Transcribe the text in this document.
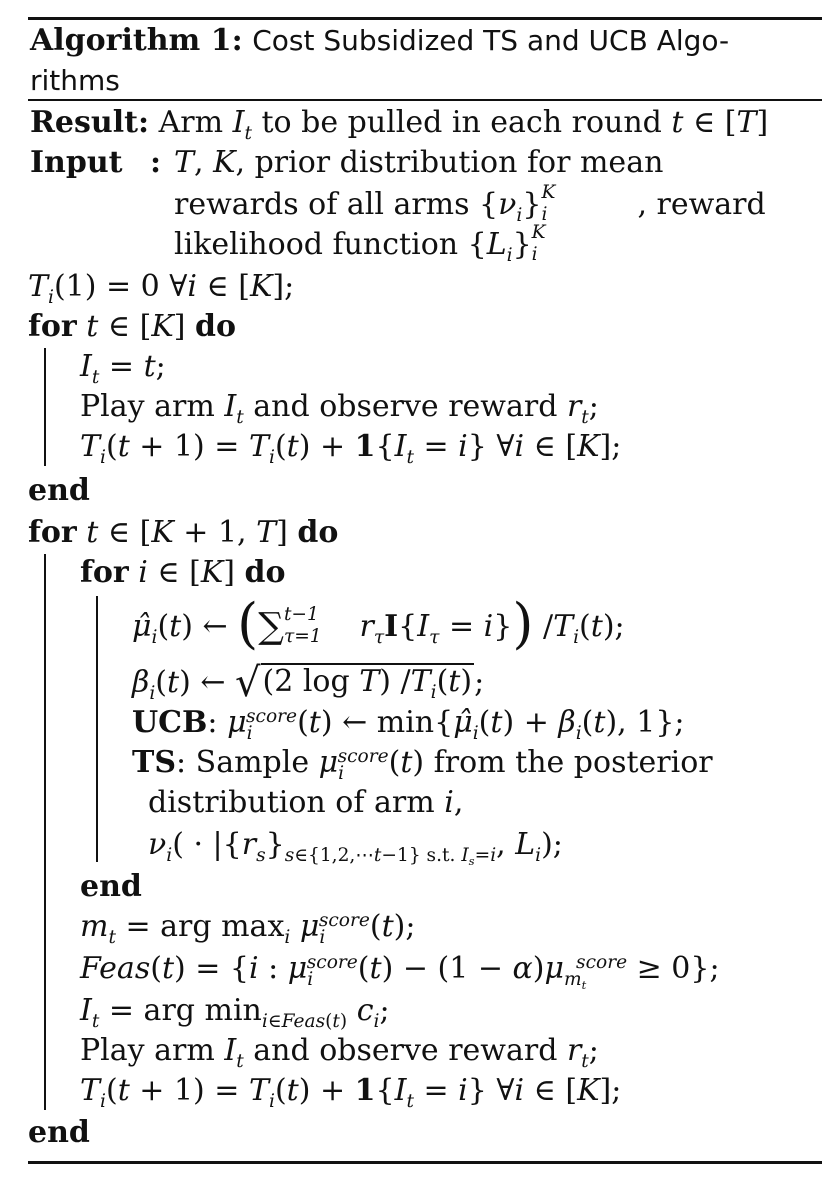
Algorithm 1: Cost Subsidized TS and UCB Algo-
rithms
Result: Arm $I_t$ to be pulled in each round t ∈ [T]
Input : T, K, prior distribution for mean
rewards of all arms $\{\nu_i\}$ K
i	, reward
likelihood function $\{L_i\}$ K
i
$T_i(1) = 0$ ∀i ∈ [K];
for t ∈ [K] do
$I_t = t$;
Play arm $I_t$ and observe reward $r_t$;
$T_i(t + 1) = T_i(t) + 1\{I_t = i\}$ ∀i ∈ [K];
end
for t ∈ [K + 1, T] do
for i ∈ [K] do
$\mû_i(t)$ ← (∑ t−1
τ=1 $r_\tau I\{I_\tau = i\}$) $/T_i(t)$;
$\beta_i(t)$ ← √(2 log T) $/T_i(t)$;
UCB: $\mu_i^{score}(t)$ ← $\min\{\mû_i(t) + \beta_i(t)$, 1};
TS: Sample $\mu_i^{score}(t)$ from the posterior
distribution of arm i,
$\nu_i( \cdot |\{r_s\}_{s\in\{1,2,\cdots t-1\} s.t. I_s=i}$, $L_i$);
end
$m_t$ = arg $\max_i \mu_i^{score}(t)$;
Feas(t) = {i : $\mu_i^{score}(t) - (1 - \alpha)\mu_{m_t}^{score} \ge 0$};
$I_t$ = arg $\min_{i\in Feas(t)} c_i$;
Play arm $I_t$ and observe reward $r_t$;
$T_i(t + 1) = T_i(t) + 1\{I_t = i\}$ ∀i ∈ [K];
end
